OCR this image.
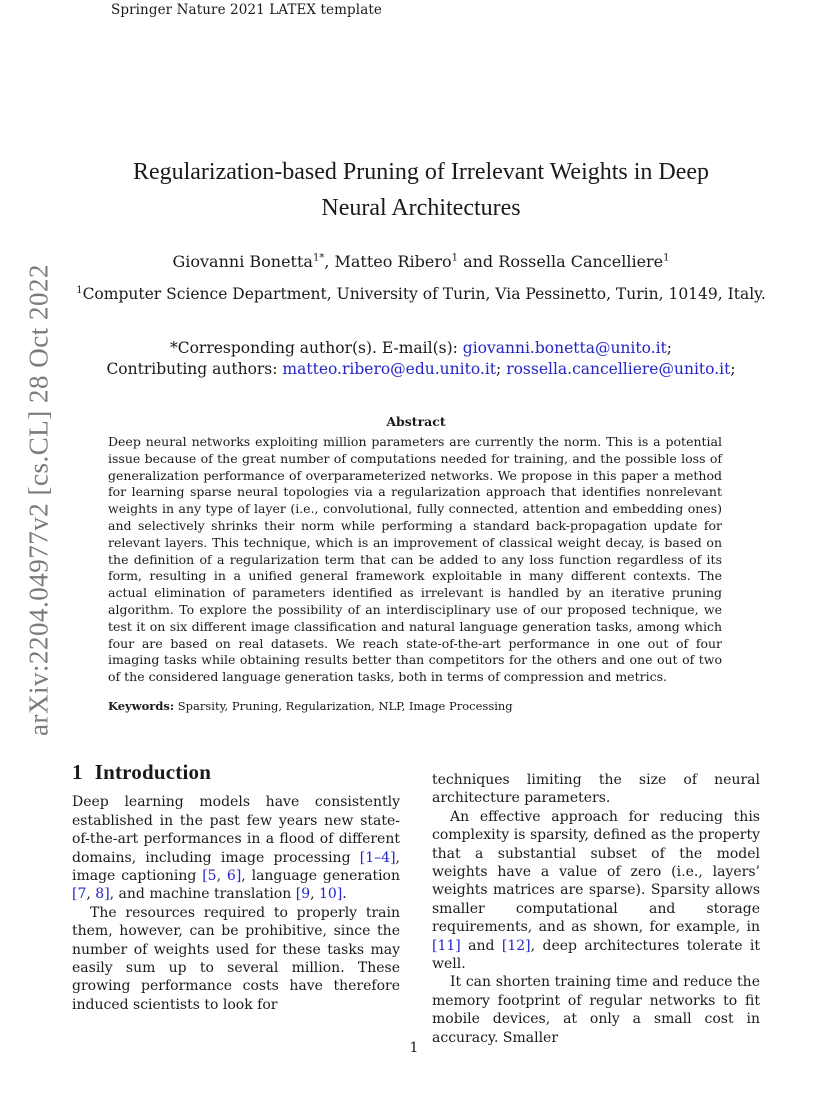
Springer Nature 2021 LATEX template
arXiv:2204.04977v2 [cs.CL] 28 Oct 2022
Regularization-based Pruning of Irrelevant Weights in Deep
Neural Architectures
Giovanni Bonetta$^{1*}$, Matteo Ribero$^1$ and Rossella Cancelliere$^1$
$^1$Computer Science Department, University of Turin, Via Pessinetto, Turin, 10149, Italy.
*Corresponding author(s). E-mail(s): giovanni.bonetta@unito.it;
Contributing authors: matteo.ribero@edu.unito.it; rossella.cancelliere@unito.it;
Abstract
Deep neural networks exploiting million parameters are currently the norm. This is a potential issue because of the great number of computations needed for training, and the possible loss of generalization performance of overparameterized networks. We propose in this paper a method for learning sparse neural topologies via a regularization approach that identifies nonrelevant weights in any type of layer (i.e., convolutional, fully connected, attention and embedding ones) and selectively shrinks their norm while performing a standard back-propagation update for relevant layers. This technique, which is an improvement of classical weight decay, is based on the definition of a regularization term that can be added to any loss function regardless of its form, resulting in a unified general framework exploitable in many different contexts. The actual elimination of parameters identified as irrelevant is handled by an iterative pruning algorithm. To explore the possibility of an interdisciplinary use of our proposed technique, we test it on six different image classification and natural language generation tasks, among which four are based on real datasets. We reach state-of-the-art performance in one out of four imaging tasks while obtaining results better than competitors for the others and one out of two of the considered language generation tasks, both in terms of compression and metrics.
Keywords: Sparsity, Pruning, Regularization, NLP, Image Processing
1 Introduction

Deep learning models have consistently established in the past few years new state-of-the-art performances in a flood of different domains, including image processing [1–4], image captioning [5, 6], language generation [7, 8], and machine translation [9, 10].

The resources required to properly train them, however, can be prohibitive, since the number of weights used for these tasks may easily sum up to several million. These growing performance costs have therefore induced scientists to look for

techniques limiting the size of neural architecture parameters.

An effective approach for reducing this complexity is sparsity, defined as the property that a substantial subset of the model weights have a value of zero (i.e., layers’ weights matrices are sparse). Sparsity allows smaller computational and storage requirements, and as shown, for example, in [11] and [12], deep architectures tolerate it well.

It can shorten training time and reduce the memory footprint of regular networks to fit mobile devices, at only a small cost in accuracy. Smaller

1
